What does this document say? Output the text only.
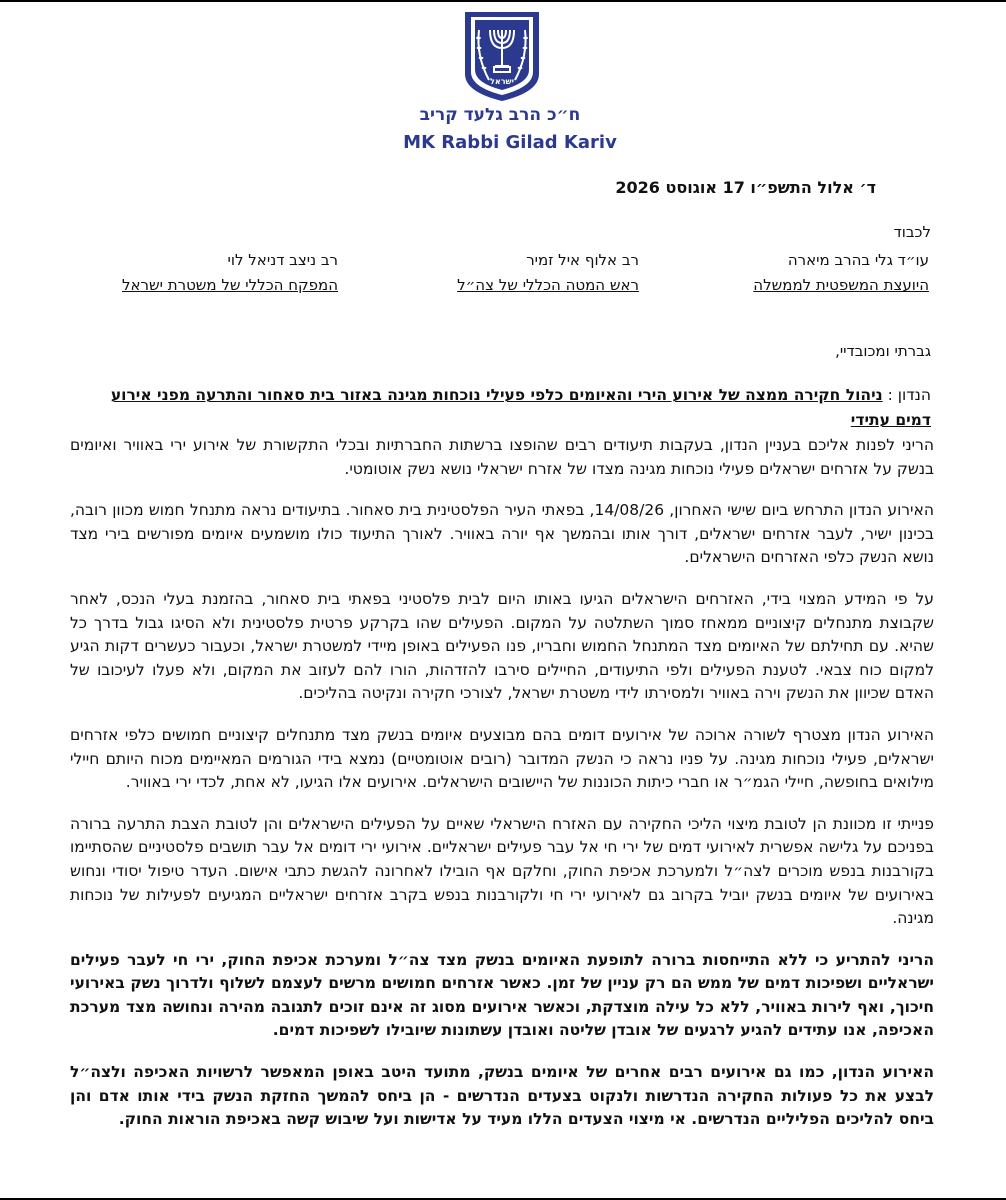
ישראל
ח״כ הרב גלעד קריב
MK Rabbi Gilad Kariv
ד׳ אלול התשפ״ו 17 אוגוסט 2026
לכבוד
עו״ד גלי בהרב מיארה
היועצת המשפטית לממשלה
רב אלוף איל זמיר
ראש המטה הכללי של צה״ל
רב ניצב דניאל לוי
המפקח הכללי של משטרת ישראל
גברתי ומכובדיי,
הנדון : ניהול חקירה ממצה של אירוע הירי והאיומים כלפי פעילי נוכחות מגינה באזור בית סאחור והתרעה מפני אירוע דמים עתידי

הריני לפנות אליכם בעניין הנדון, בעקבות תיעודים רבים שהופצו ברשתות החברתיות ובכלי התקשורת של אירוע ירי באוויר ואיומים בנשק על אזרחים ישראלים פעילי נוכחות מגינה מצדו של אזרח ישראלי נושא נשק אוטומטי.

האירוע הנדון התרחש ביום שישי האחרון, 14/08/26, בפאתי העיר הפלסטינית בית סאחור. בתיעודים נראה מתנחל חמוש מכוון רובה, בכינון ישיר, לעבר אזרחים ישראלים, דורך אותו ובהמשך אף יורה באוויר. לאורך התיעוד כולו מושמעים איומים מפורשים בירי מצד נושא הנשק כלפי האזרחים הישראלים.

על פי המידע המצוי בידי, האזרחים הישראלים הגיעו באותו היום לבית פלסטיני בפאתי בית סאחור, בהזמנת בעלי הנכס, לאחר שקבוצת מתנחלים קיצוניים ממאחז סמוך השתלטה על המקום. הפעילים שהו בקרקע פרטית פלסטינית ולא הסיגו גבול בדרך כל שהיא. עם תחילתם של האיומים מצד המתנחל החמוש וחבריו, פנו הפעילים באופן מיידי למשטרת ישראל, וכעבור כעשרים דקות הגיע למקום כוח צבאי. לטענת הפעילים ולפי התיעודים, החיילים סירבו להזדהות, הורו להם לעזוב את המקום, ולא פעלו לעיכובו של האדם שכיוון את הנשק וירה באוויר ולמסירתו לידי משטרת ישראל, לצורכי חקירה ונקיטה בהליכים.

האירוע הנדון מצטרף לשורה ארוכה של אירועים דומים בהם מבוצעים איומים בנשק מצד מתנחלים קיצוניים חמושים כלפי אזרחים ישראלים, פעילי נוכחות מגינה. על פניו נראה כי הנשק המדובר (רובים אוטומטיים) נמצא בידי הגורמים המאיימים מכוח היותם חיילי מילואים בחופשה, חיילי הגמ״ר או חברי כיתות הכוננות של היישובים הישראלים. אירועים אלו הגיעו, לא אחת, לכדי ירי באוויר.

פנייתי זו מכוונת הן לטובת מיצוי הליכי החקירה עם האזרח הישראלי שאיים על הפעילים הישראלים והן לטובת הצבת התרעה ברורה בפניכם על גלישה אפשרית לאירועי דמים של ירי חי אל עבר פעילים ישראליים. אירועי ירי דומים אל עבר תושבים פלסטיניים שהסתיימו בקורבנות בנפש מוכרים לצה״ל ולמערכת אכיפת החוק, וחלקם אף הובילו לאחרונה להגשת כתבי אישום. העדר טיפול יסודי ונחוש באירועים של איומים בנשק יוביל בקרוב גם לאירועי ירי חי ולקורבנות בנפש בקרב אזרחים ישראליים המגיעים לפעילות של נוכחות מגינה.

הריני להתריע כי ללא התייחסות ברורה לתופעת האיומים בנשק מצד צה״ל ומערכת אכיפת החוק, ירי חי לעבר פעילים ישראליים ושפיכות דמים של ממש הם רק עניין של זמן. כאשר אזרחים חמושים מרשים לעצמם לשלוף ולדרוך נשק באירועי חיכוך, ואף לירות באוויר, ללא כל עילה מוצדקת, וכאשר אירועים מסוג זה אינם זוכים לתגובה מהירה ונחושה מצד מערכת האכיפה, אנו עתידים להגיע לרגעים של אובדן שליטה ואובדן עשתונות שיובילו לשפיכות דמים.

האירוע הנדון, כמו גם אירועים רבים אחרים של איומים בנשק, מתועד היטב באופן המאפשר לרשויות האכיפה ולצה״ל לבצע את כל פעולות החקירה הנדרשות ולנקוט בצעדים הנדרשים - הן ביחס להמשך החזקת הנשק בידי אותו אדם והן ביחס להליכים הפליליים הנדרשים. אי מיצוי הצעדים הללו מעיד על אדישות ועל שיבוש קשה באכיפת הוראות החוק.
